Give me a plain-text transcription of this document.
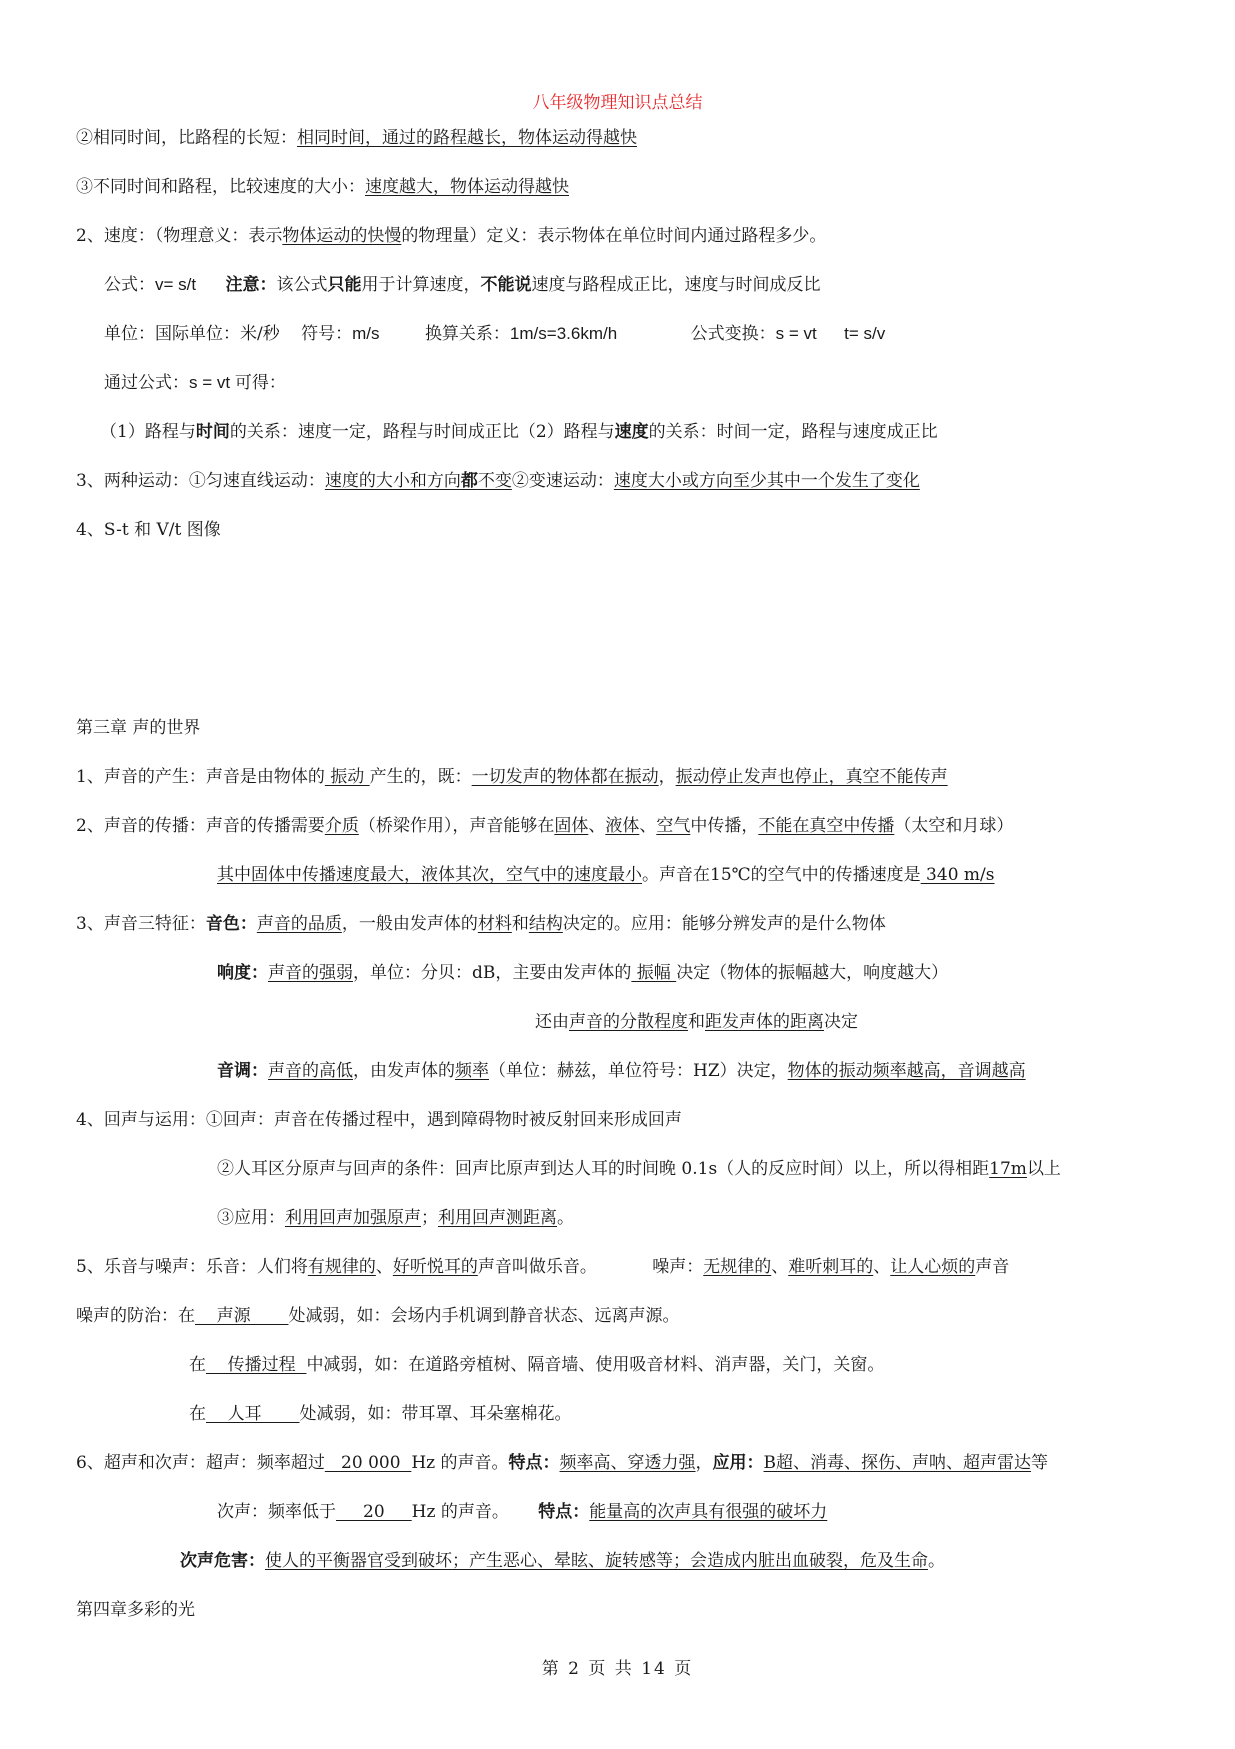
八年级物理知识点总结
②相同时间，比路程的长短：相同时间，通过的路程越长，物体运动得越快
③不同时间和路程，比较速度的大小：速度越大，物体运动得越快
2、速度：（物理意义：表示物体运动的快慢的物理量）定义：表示物体在单位时间内通过路程多少。
公式：v= s/t 注意：该公式只能用于计算速度，不能说速度与路程成正比，速度与时间成反比
单位：国际单位：米/秒 符号：m/s	换算关系：1m/s=3.6km/h	公式变换：s = vt t= s/v
通过公式：s = vt 可得：
（1）路程与时间的关系：速度一定，路程与时间成正比（2）路程与速度的关系：时间一定，路程与速度成正比
3、两种运动：①匀速直线运动：速度的大小和方向都不变②变速运动：速度大小或方向至少其中一个发生了变化
4、S-t 和 V/t 图像
第三章 声的世界
1、声音的产生：声音是由物体的 振动 产生的，既：一切发声的物体都在振动，振动停止发声也停止，真空不能传声
2、声音的传播：声音的传播需要介质（桥梁作用），声音能够在固体、液体、空气中传播，不能在真空中传播（太空和月球）
其中固体中传播速度最大，液体其次，空气中的速度最小。声音在15℃的空气中的传播速度是 340 m/s
3、声音三特征：音色：声音的品质，一般由发声体的材料和结构决定的。应用：能够分辨发声的是什么物体
响度：声音的强弱，单位：分贝：dB，主要由发声体的 振幅 决定（物体的振幅越大，响度越大）
还由声音的分散程度和距发声体的距离决定
音调：声音的高低，由发声体的频率（单位：赫兹，单位符号：HZ）决定，物体的振动频率越高，音调越高
4、回声与运用：①回声：声音在传播过程中，遇到障碍物时被反射回来形成回声
②人耳区分原声与回声的条件：回声比原声到达人耳的时间晚 0.1s（人的反应时间）以上，所以得相距17m以上
③应用：利用回声加强原声；利用回声测距离。
5、乐音与噪声：乐音：人们将有规律的、好听悦耳的声音叫做乐音。	噪声：无规律的、难听刺耳的、让人心烦的声音
噪声的防治：在    声源       处减弱，如：会场内手机调到静音状态、远离声源。
在    传播过程  中减弱，如：在道路旁植树、隔音墙、使用吸音材料、消声器，关门，关窗。
在    人耳       处减弱，如：带耳罩、耳朵塞棉花。
6、超声和次声：超声：频率超过   20 000  Hz 的声音。特点：频率高、穿透力强，应用：B超、消毒、探伤、声呐、超声雷达等
次声：频率低于     20     Hz 的声音。 特点：能量高的次声具有很强的破坏力
次声危害：使人的平衡器官受到破坏；产生恶心、晕眩、旋转感等；会造成内脏出血破裂，危及生命。
第四章多彩的光
第 2 页 共 14 页
